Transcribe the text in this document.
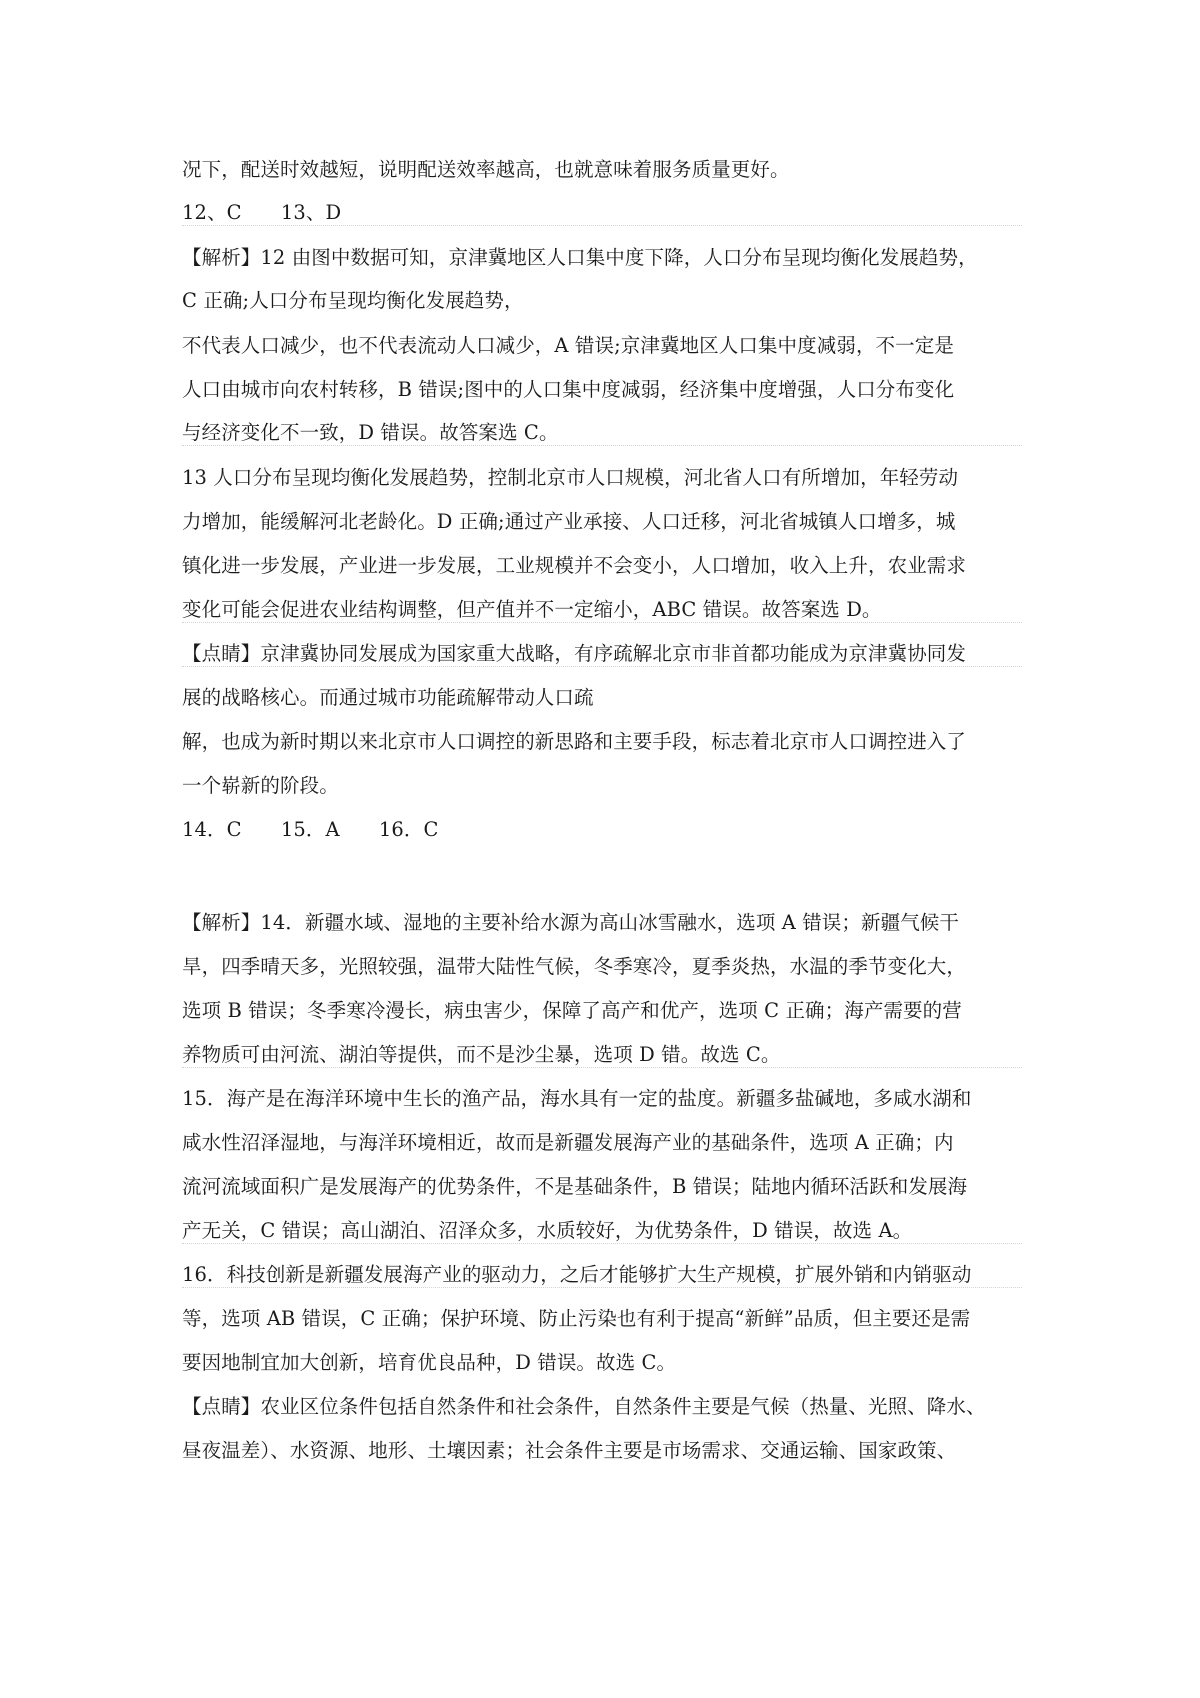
况下，配送时效越短，说明配送效率越高，也就意味着服务质量更好。
12、C　　13、D
【解析】12 由图中数据可知，京津冀地区人口集中度下降，人口分布呈现均衡化发展趋势，
C 正确;人口分布呈现均衡化发展趋势，
不代表人口减少，也不代表流动人口减少，A 错误;京津冀地区人口集中度减弱，不一定是
人口由城市向农村转移，B 错误;图中的人口集中度减弱，经济集中度增强，人口分布变化
与经济变化不一致，D 错误。故答案选 C。
13 人口分布呈现均衡化发展趋势，控制北京市人口规模，河北省人口有所增加，年轻劳动
力增加，能缓解河北老龄化。D 正确;通过产业承接、人口迁移，河北省城镇人口增多，城
镇化进一步发展，产业进一步发展，工业规模并不会变小，人口增加，收入上升，农业需求
变化可能会促进农业结构调整，但产值并不一定缩小，ABC 错误。故答案选 D。
【点睛】京津冀协同发展成为国家重大战略，有序疏解北京市非首都功能成为京津冀协同发
展的战略核心。而通过城市功能疏解带动人口疏
解，也成为新时期以来北京市人口调控的新思路和主要手段，标志着北京市人口调控进入了
一个崭新的阶段。
14．C　　15．A　　16．C
【解析】14．新疆水域、湿地的主要补给水源为高山冰雪融水，选项 A 错误；新疆气候干
旱，四季晴天多，光照较强，温带大陆性气候，冬季寒冷，夏季炎热，水温的季节变化大，
选项 B 错误；冬季寒冷漫长，病虫害少，保障了高产和优产，选项 C 正确；海产需要的营
养物质可由河流、湖泊等提供，而不是沙尘暴，选项 D 错。故选 C。
15．海产是在海洋环境中生长的渔产品，海水具有一定的盐度。新疆多盐碱地，多咸水湖和
咸水性沼泽湿地，与海洋环境相近，故而是新疆发展海产业的基础条件，选项 A 正确；内
流河流域面积广是发展海产的优势条件，不是基础条件，B 错误；陆地内循环活跃和发展海
产无关，C 错误；高山湖泊、沼泽众多，水质较好，为优势条件，D 错误，故选 A。
16．科技创新是新疆发展海产业的驱动力，之后才能够扩大生产规模，扩展外销和内销驱动
等，选项 AB 错误，C 正确；保护环境、防止污染也有利于提高“新鲜”品质，但主要还是需
要因地制宜加大创新，培育优良品种，D 错误。故选 C。
【点睛】农业区位条件包括自然条件和社会条件，自然条件主要是气候（热量、光照、降水、
昼夜温差）、水资源、地形、土壤因素；社会条件主要是市场需求、交通运输、国家政策、
